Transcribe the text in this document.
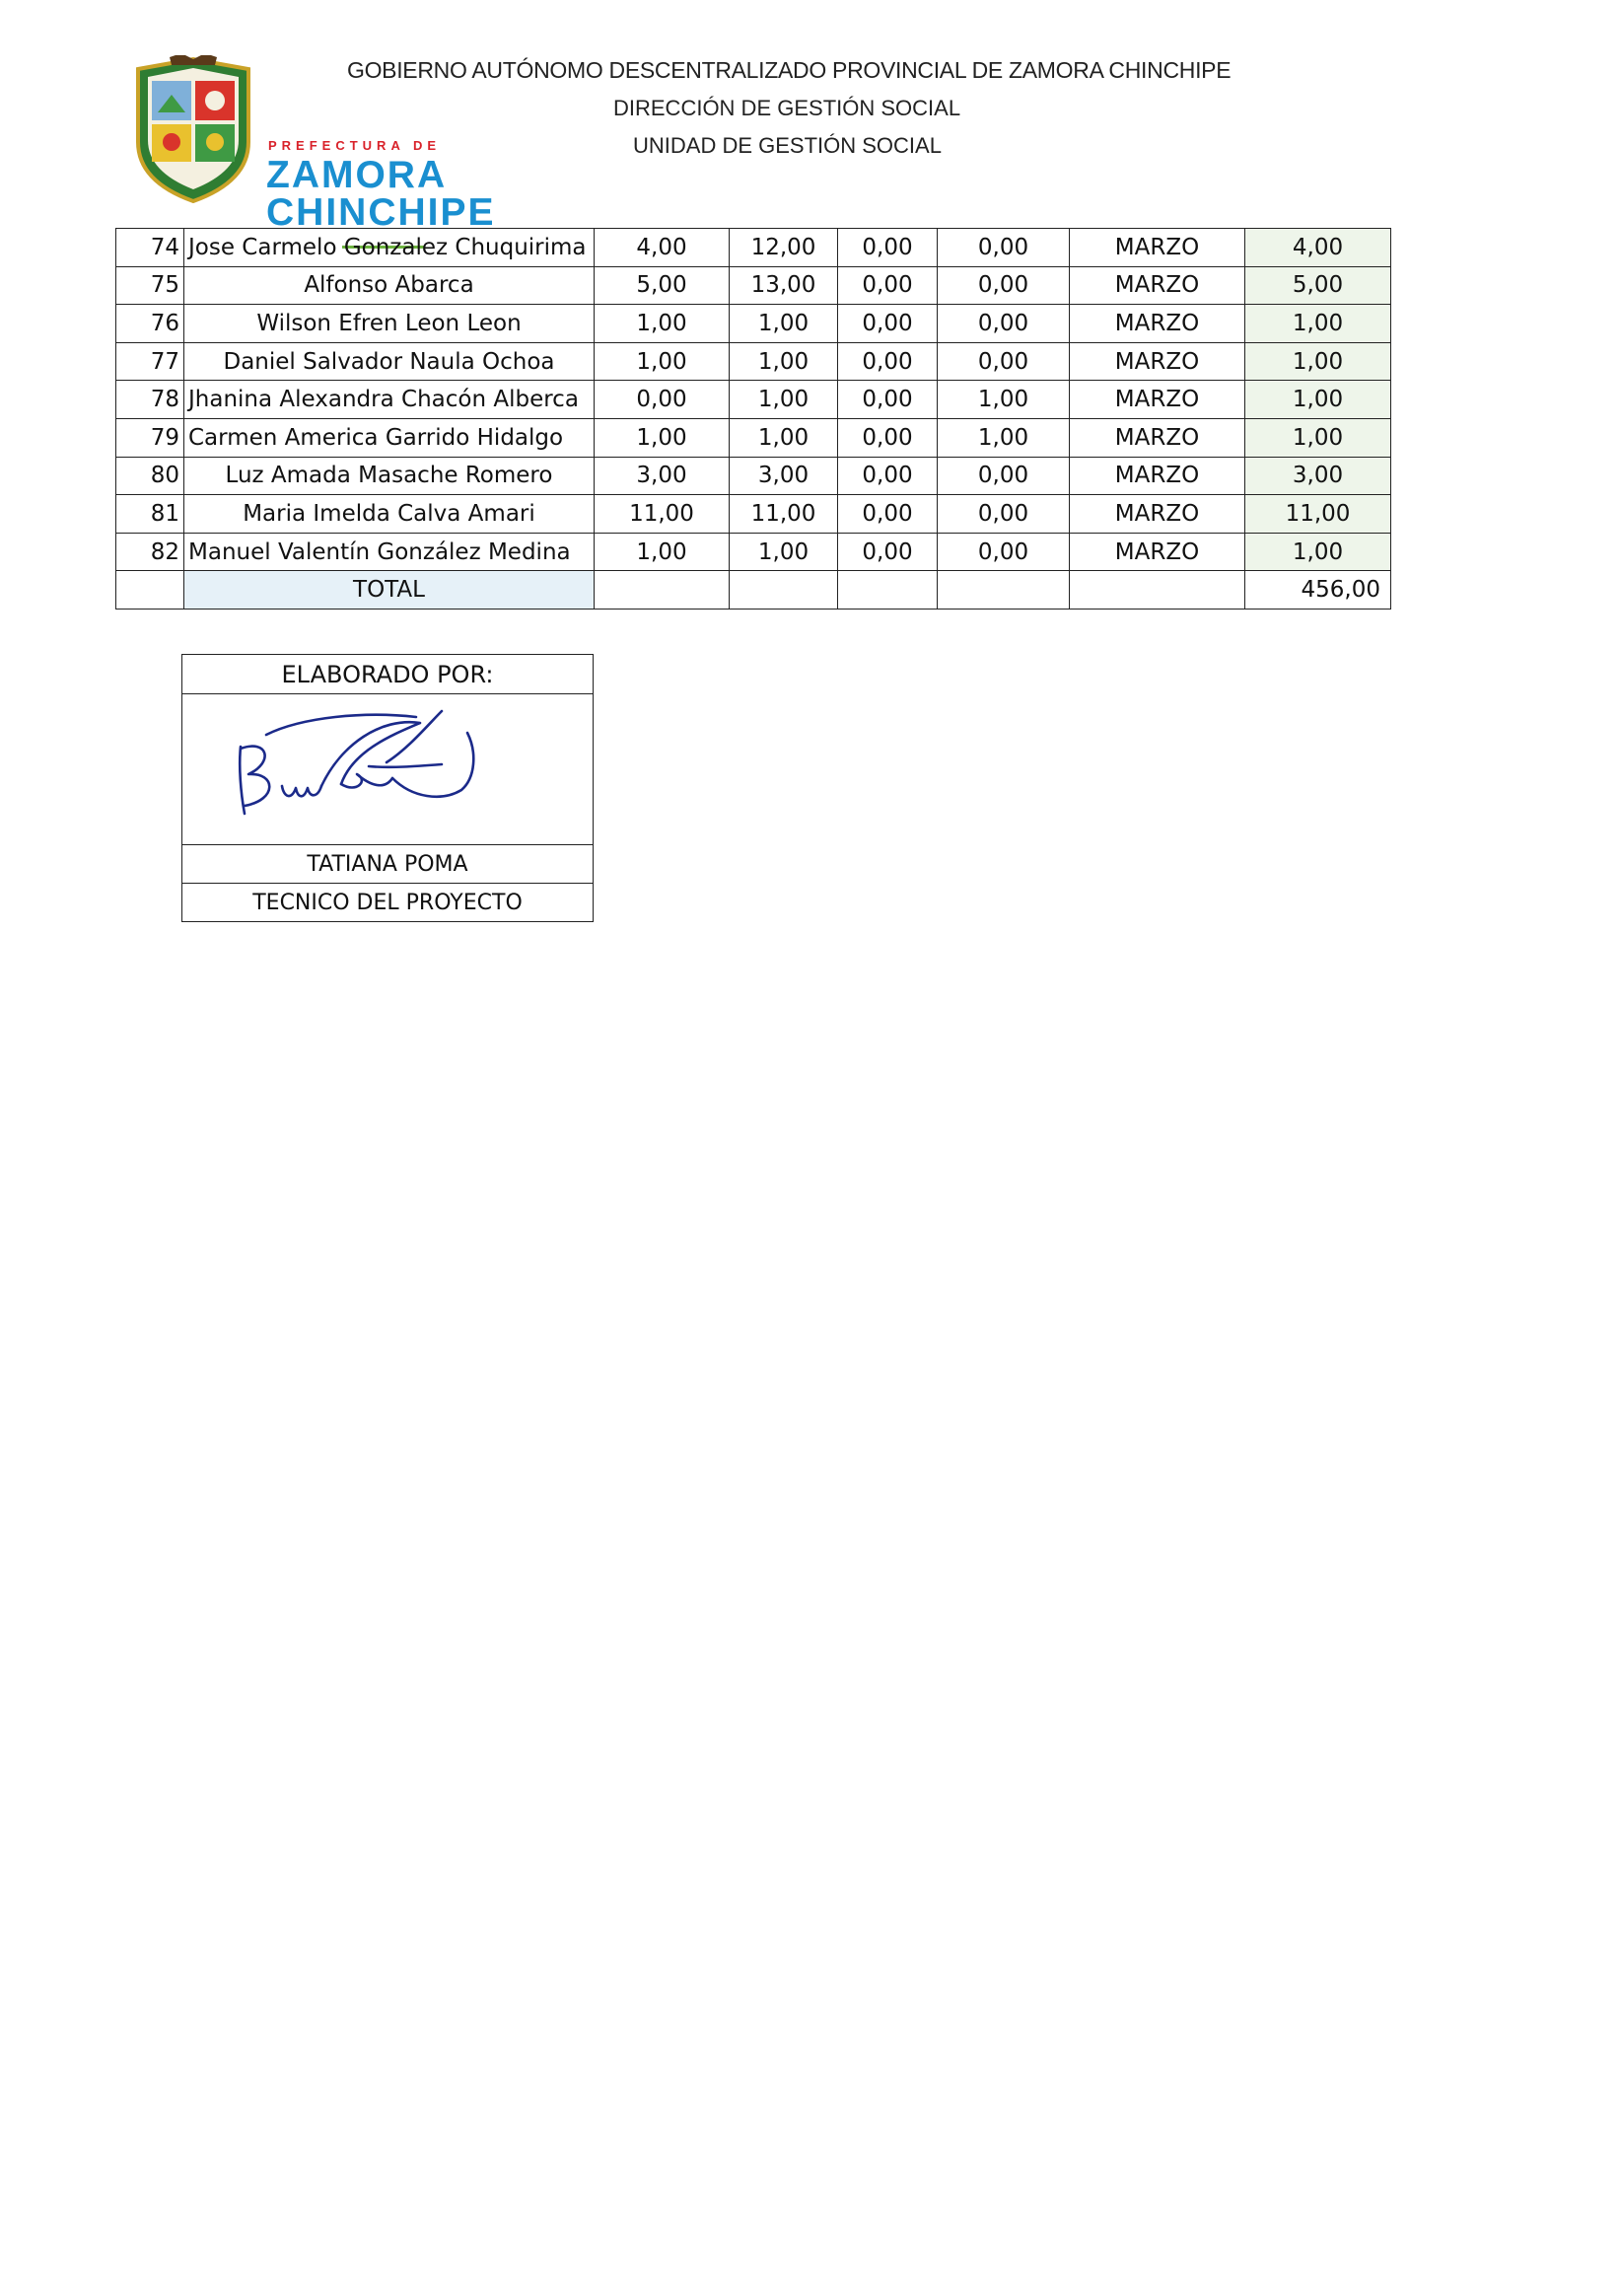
PREFECTURA DE
ZAMORA
CHINCHIPE
GOBIERNO AUTÓNOMO DESCENTRALIZADO PROVINCIAL DE ZAMORA CHINCHIPE
DIRECCIÓN DE GESTIÓN SOCIAL
UNIDAD DE GESTIÓN SOCIAL
74	Jose Carmelo Gonzalez Chuquirima	4,00	12,00	0,00	0,00	MARZO	4,00
75	Alfonso Abarca	5,00	13,00	0,00	0,00	MARZO	5,00
76	Wilson Efren Leon Leon	1,00	1,00	0,00	0,00	MARZO	1,00
77	Daniel Salvador Naula Ochoa	1,00	1,00	0,00	0,00	MARZO	1,00
78	Jhanina Alexandra Chacón Alberca	0,00	1,00	0,00	1,00	MARZO	1,00
79	Carmen America Garrido Hidalgo	1,00	1,00	0,00	1,00	MARZO	1,00
80	Luz Amada Masache Romero	3,00	3,00	0,00	0,00	MARZO	3,00
81	Maria Imelda Calva Amari	11,00	11,00	0,00	0,00	MARZO	11,00
82	Manuel Valentín González Medina	1,00	1,00	0,00	0,00	MARZO	1,00
	TOTAL						456,00
ELABORADO POR:

TATIANA POMA
TECNICO DEL PROYECTO
